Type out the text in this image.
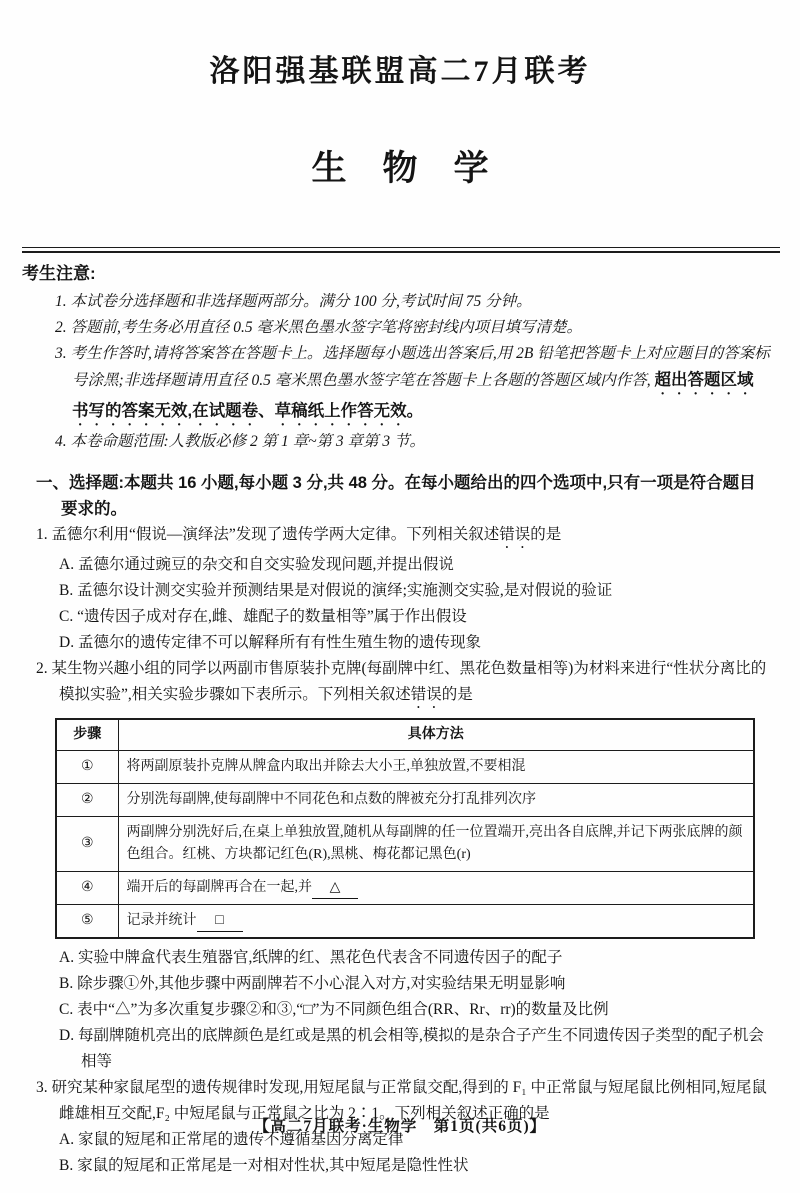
洛阳强基联盟高二7月联考
生物学
考生注意:
1. 本试卷分选择题和非选择题两部分。满分 100 分,考试时间 75 分钟。
2. 答题前,考生务必用直径 0.5 毫米黑色墨水签字笔将密封线内项目填写清楚。
3. 考生作答时,请将答案答在答题卡上。选择题每小题选出答案后,用 2B 铅笔把答题卡上对应题目的答案标号涂黑;非选择题请用直径 0.5 毫米黑色墨水签字笔在答题卡上各题的答题区域内作答, 超出答题区域书写的答案无效,在试题卷、草稿纸上作答无效。
4. 本卷命题范围:人教版必修 2 第 1 章~第 3 章第 3 节。
一、选择题:本题共 16 小题,每小题 3 分,共 48 分。在每小题给出的四个选项中,只有一项是符合题目要求的。

1. 孟德尔利用“假说—演绎法”发现了遗传学两大定律。下列相关叙述错误的是

A. 孟德尔通过豌豆的杂交和自交实验发现问题,并提出假说

B. 孟德尔设计测交实验并预测结果是对假说的演绎;实施测交实验,是对假说的验证

C. “遗传因子成对存在,雌、雄配子的数量相等”属于作出假设

D. 孟德尔的遗传定律不可以解释所有有性生殖生物的遗传现象

2. 某生物兴趣小组的同学以两副市售原装扑克牌(每副牌中红、黑花色数量相等)为材料来进行“性状分离比的模拟实验”,相关实验步骤如下表所示。下列相关叙述错误的是

步骤	具体方法
①	将两副原装扑克牌从牌盒内取出并除去大小王,单独放置,不要相混
②	分别洗每副牌,使每副牌中不同花色和点数的牌被充分打乱排列次序
③	两副牌分别洗好后,在桌上单独放置,随机从每副牌的任一位置端开,亮出各自底牌,并记下两张底牌的颜色组合。红桃、方块都记红色(R),黑桃、梅花都记黑色(r)
④	端开后的每副牌再合在一起,并 △
⑤	记录并统计 □

A. 实验中牌盒代表生殖器官,纸牌的红、黑花色代表含不同遗传因子的配子

B. 除步骤①外,其他步骤中两副牌若不小心混入对方,对实验结果无明显影响

C. 表中“△”为多次重复步骤②和③,“□”为不同颜色组合(RR、Rr、rr)的数量及比例

D. 每副牌随机亮出的底牌颜色是红或是黑的机会相等,模拟的是杂合子产生不同遗传因子类型的配子机会相等

3. 研究某种家鼠尾型的遗传规律时发现,用短尾鼠与正常鼠交配,得到的 F₁ 中正常鼠与短尾鼠比例相同,短尾鼠雌雄相互交配,F₂ 中短尾鼠与正常鼠之比为 2∶1。下列相关叙述正确的是

A. 家鼠的短尾和正常尾的遗传不遵循基因分离定律

B. 家鼠的短尾和正常尾是一对相对性状,其中短尾是隐性性状

【高二7月联考·生物学　第1页(共6页)】
